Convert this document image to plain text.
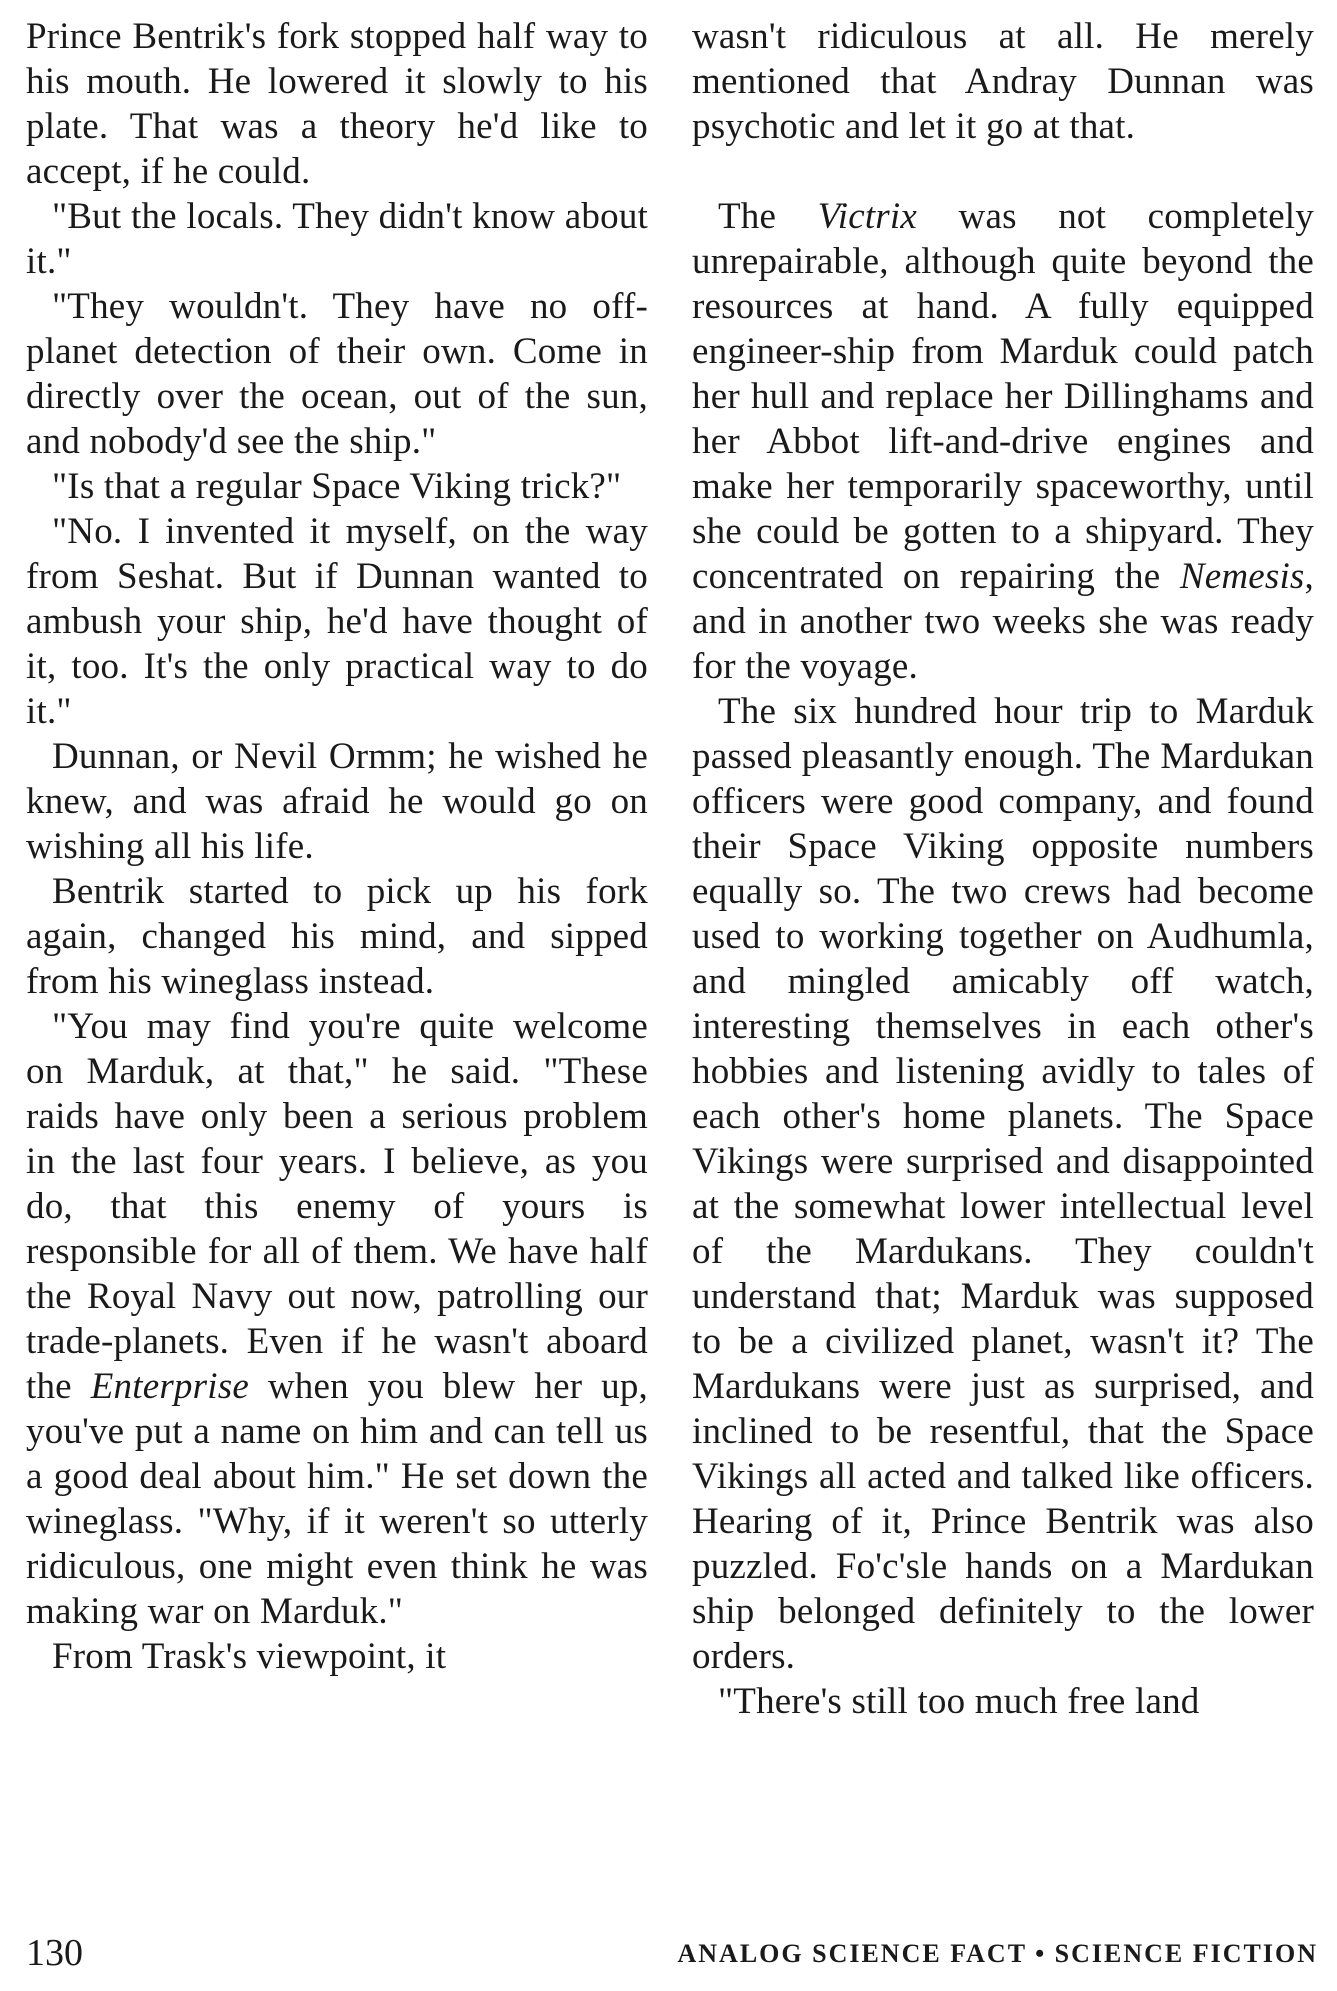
Prince Bentrik's fork stopped half way to his mouth. He lowered it slowly to his plate. That was a theory he'd like to accept, if he could.

"But the locals. They didn't know about it."

"They wouldn't. They have no off-planet detection of their own. Come in directly over the ocean, out of the sun, and nobody'd see the ship."

"Is that a regular Space Viking trick?"

"No. I invented it myself, on the way from Seshat. But if Dunnan wanted to ambush your ship, he'd have thought of it, too. It's the only practical way to do it."

Dunnan, or Nevil Ormm; he wished he knew, and was afraid he would go on wishing all his life.

Bentrik started to pick up his fork again, changed his mind, and sipped from his wineglass instead.

"You may find you're quite welcome on Marduk, at that," he said. "These raids have only been a serious problem in the last four years. I believe, as you do, that this enemy of yours is responsible for all of them. We have half the Royal Navy out now, patrolling our trade-planets. Even if he wasn't aboard the Enterprise when you blew her up, you've put a name on him and can tell us a good deal about him." He set down the wineglass. "Why, if it weren't so utterly ridiculous, one might even think he was making war on Marduk."

From Trask's viewpoint, it

wasn't ridiculous at all. He merely mentioned that Andray Dunnan was psychotic and let it go at that.

The Victrix was not completely unrepairable, although quite beyond the resources at hand. A fully equipped engineer-ship from Marduk could patch her hull and replace her Dillinghams and her Abbot lift-and-drive engines and make her temporarily spaceworthy, until she could be gotten to a shipyard. They concentrated on repairing the Nemesis, and in another two weeks she was ready for the voyage.

The six hundred hour trip to Marduk passed pleasantly enough. The Mardukan officers were good company, and found their Space Viking opposite numbers equally so. The two crews had become used to working together on Audhumla, and mingled amicably off watch, interesting themselves in each other's hobbies and listening avidly to tales of each other's home planets. The Space Vikings were surprised and disappointed at the somewhat lower intellectual level of the Mardukans. They couldn't understand that; Marduk was supposed to be a civilized planet, wasn't it? The Mardukans were just as surprised, and inclined to be resentful, that the Space Vikings all acted and talked like officers. Hearing of it, Prince Bentrik was also puzzled. Fo'c'sle hands on a Mardukan ship belonged definitely to the lower orders.

"There's still too much free land

130	ANALOG SCIENCE FACT • SCIENCE FICTION
